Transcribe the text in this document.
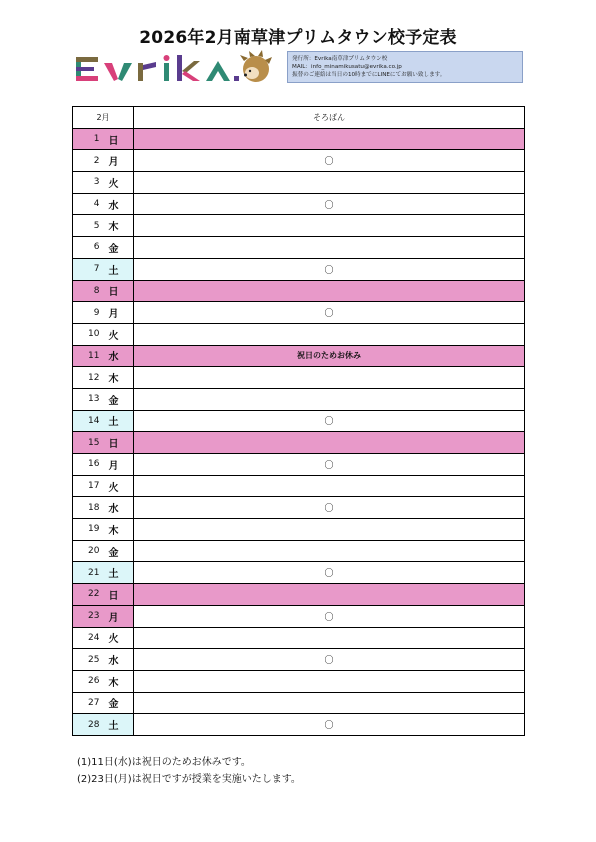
2026年2月南草津プリムタウン校予定表
発行所：Evrika南草津プリムタウン校
MAIL：info_minamikusatu@evrika.co.jp
振替のご連絡は当日の10時までにLINEにてお願い致します。
2月		そろばん
1	日	
2	月	〇
3	火	
4	水	〇
5	木	
6	金	
7	土	〇
8	日	
9	月	〇
10	火	
11	水	祝日のためお休み
12	木	
13	金	
14	土	〇
15	日	
16	月	〇
17	火	
18	水	〇
19	木	
20	金	
21	土	〇
22	日	
23	月	〇
24	火	
25	水	〇
26	木	
27	金	
28	土	〇
(1)11日(水)は祝日のためお休みです。
(2)23日(月)は祝日ですが授業を実施いたします。
